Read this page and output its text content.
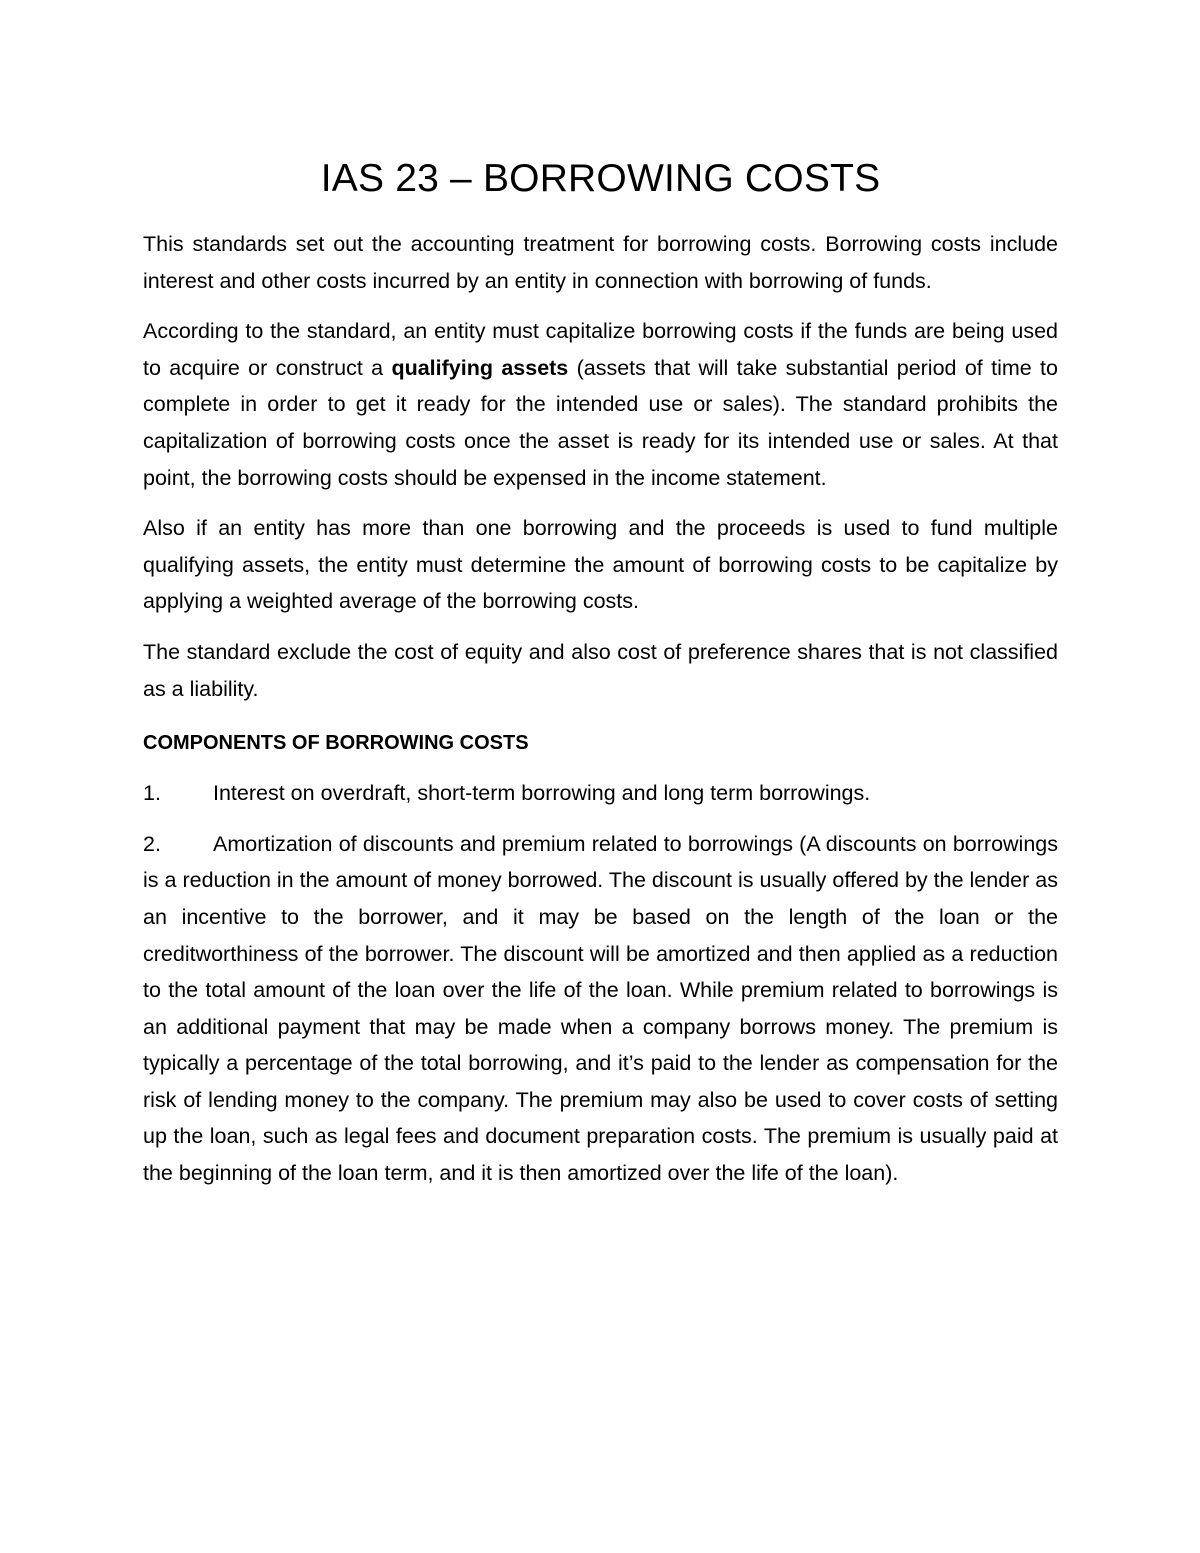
IAS 23 – BORROWING COSTS

This standards set out the accounting treatment for borrowing costs. Borrowing costs include interest and other costs incurred by an entity in connection with borrowing of funds.

According to the standard, an entity must capitalize borrowing costs if the funds are being used to acquire or construct a qualifying assets (assets that will take substantial period of time to complete in order to get it ready for the intended use or sales). The standard prohibits the capitalization of borrowing costs once the asset is ready for its intended use or sales. At that point, the borrowing costs should be expensed in the income statement.

Also if an entity has more than one borrowing and the proceeds is used to fund multiple qualifying assets, the entity must determine the amount of borrowing costs to be capitalize by applying a weighted average of the borrowing costs.

The standard exclude the cost of equity and also cost of preference shares that is not classified as a liability.

COMPONENTS OF BORROWING COSTS

1. Interest on overdraft, short-term borrowing and long term borrowings.

2. Amortization of discounts and premium related to borrowings (A discounts on borrowings is a reduction in the amount of money borrowed. The discount is usually offered by the lender as an incentive to the borrower, and it may be based on the length of the loan or the creditworthiness of the borrower. The discount will be amortized and then applied as a reduction to the total amount of the loan over the life of the loan. While premium related to borrowings is an additional payment that may be made when a company borrows money. The premium is typically a percentage of the total borrowing, and it’s paid to the lender as compensation for the risk of lending money to the company. The premium may also be used to cover costs of setting up the loan, such as legal fees and document preparation costs. The premium is usually paid at the beginning of the loan term, and it is then amortized over the life of the loan).
